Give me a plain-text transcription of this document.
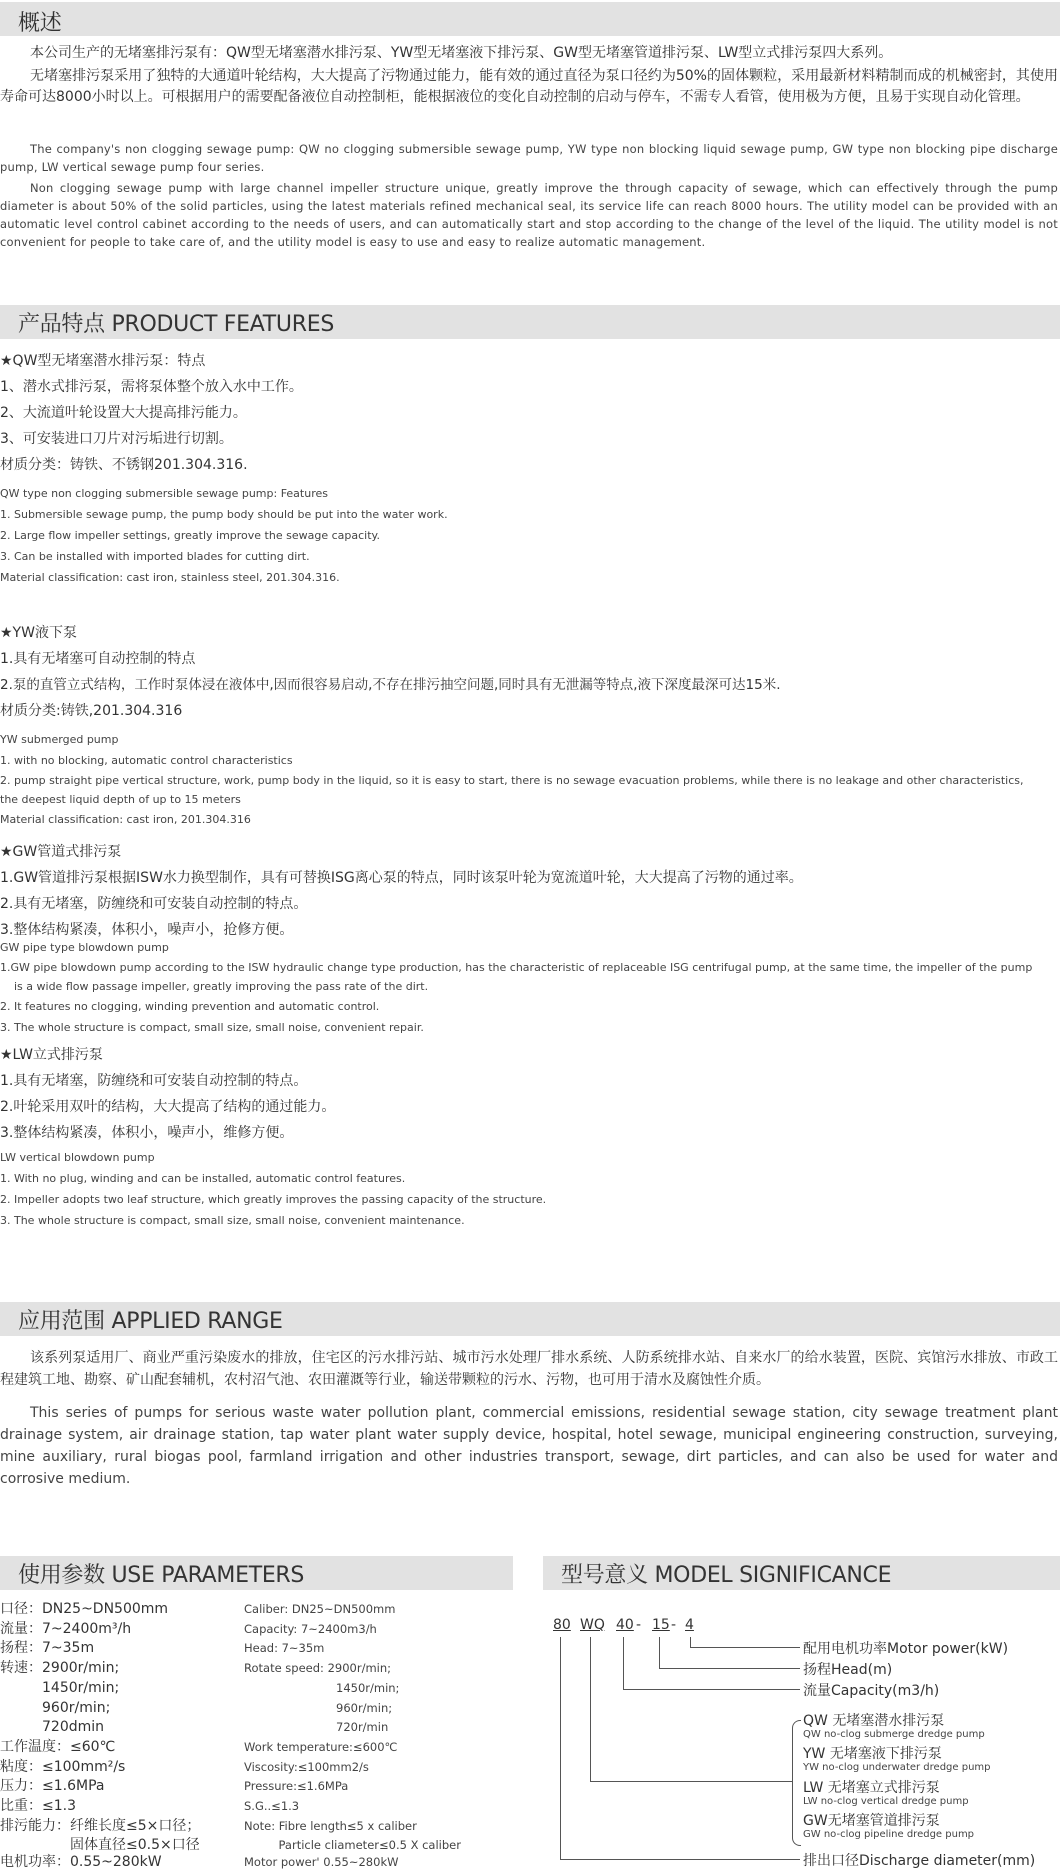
概述
本公司生产的无堵塞排污泵有：QW型无堵塞潜水排污泵、YW型无堵塞液下排污泵、GW型无堵塞管道排污泵、LW型立式排污泵四大系列。
无堵塞排污泵采用了独特的大通道叶轮结构，大大提高了污物通过能力，能有效的通过直径为泵口径约为50%的固体颗粒，采用最新材料精制而成的机械密封，其使用寿命可达8000小时以上。可根据用户的需要配备液位自动控制柜，能根据液位的变化自动控制的启动与停车，不需专人看管，使用极为方便，且易于实现自动化管理。
The company's non clogging sewage pump: QW no clogging submersible sewage pump, YW type non blocking liquid sewage pump, GW type non blocking pipe discharge pump, LW vertical sewage pump four series.
Non clogging sewage pump with large channel impeller structure unique, greatly improve the through capacity of sewage, which can effectively through the pump diameter is about 50% of the solid particles, using the latest materials refined mechanical seal, its service life can reach 8000 hours. The utility model can be provided with an automatic level control cabinet according to the needs of users, and can automatically start and stop according to the change of the level of the liquid. The utility model is not convenient for people to take care of, and the utility model is easy to use and easy to realize automatic management.
产品特点 PRODUCT FEATURES
★QW型无堵塞潜水排污泵：特点
1、潜水式排污泵，需将泵体整个放入水中工作。
2、大流道叶轮设置大大提高排污能力。
3、可安装进口刀片对污垢进行切割。
材质分类：铸铁、不锈钢201.304.316.
QW type non clogging submersible sewage pump: Features
1. Submersible sewage pump, the pump body should be put into the water work.
2. Large flow impeller settings, greatly improve the sewage capacity.
3. Can be installed with imported blades for cutting dirt.
Material classification: cast iron, stainless steel, 201.304.316.
★YW液下泵
1.具有无堵塞可自动控制的特点
2.泵的直管立式结构，工作时泵体浸在液体中,因而很容易启动,不存在排污抽空问题,同时具有无泄漏等特点,液下深度最深可达15米.
材质分类:铸铁,201.304.316
YW submerged pump
1. with no blocking, automatic control characteristics
2. pump straight pipe vertical structure, work, pump body in the liquid, so it is easy to start, there is no sewage evacuation problems, while there is no leakage and other characteristics, the deepest liquid depth of up to 15 meters
Material classification: cast iron, 201.304.316
★GW管道式排污泵
1.GW管道排污泵根据ISW水力换型制作，具有可替换ISG离心泵的特点，同时该泵叶轮为宽流道叶轮，大大提高了污物的通过率。
2.具有无堵塞，防缠绕和可安装自动控制的特点。
3.整体结构紧凑，体积小，噪声小，抢修方便。
GW pipe type blowdown pump
1.GW pipe blowdown pump according to the ISW hydraulic change type production, has the characteristic of replaceable ISG centrifugal pump, at the same time, the impeller of the pump is a wide flow passage impeller, greatly improving the pass rate of the dirt.
2. It features no clogging, winding prevention and automatic control.
3. The whole structure is compact, small size, small noise, convenient repair.
★LW立式排污泵
1.具有无堵塞，防缠绕和可安装自动控制的特点。
2.叶轮采用双叶的结构，大大提高了结构的通过能力。
3.整体结构紧凑，体积小，噪声小，维修方便。
LW vertical blowdown pump
1. With no plug, winding and can be installed, automatic control features.
2. Impeller adopts two leaf structure, which greatly improves the passing capacity of the structure.
3. The whole structure is compact, small size, small noise, convenient maintenance.
应用范围 APPLIED RANGE
该系列泵适用厂、商业严重污染废水的排放，住宅区的污水排污站、城市污水处理厂排水系统、人防系统排水站、自来水厂的给水装置，医院、宾馆污水排放、市政工程建筑工地、勘察、矿山配套辅机，农村沼气池、农田灌溉等行业，输送带颗粒的污水、污物，也可用于清水及腐蚀性介质。
This series of pumps for serious waste water pollution plant, commercial emissions, residential sewage station, city sewage treatment plant drainage system, air drainage station, tap water plant water supply device, hospital, hotel sewage, municipal engineering construction, surveying, mine auxiliary, rural biogas pool, farmland irrigation and other industries transport, sewage, dirt particles, and can also be used for water and corrosive medium.
使用参数 USE PARAMETERS
口径：DN25~DN500mm
流量：7~2400m³/h
扬程：7~35m
转速：2900r/min;
　　　1450r/min;
　　　960r/min;
　　　720dmin
工作温度：≤60℃
粘度：≤100mm²/s
压力：≤1.6MPa
比重：≤1.3
排污能力：纤维长度≤5×口径；
　　　　　固体直径≤0.5×口径
电机功率：0.55~280kW
Caliber: DN25~DN500mm
Capacity: 7~2400m3/h
Head: 7~35m
Rotate speed: 2900r/min;
　　　　　　　　1450r/min;
　　　　　　　　960r/min;
　　　　　　　　720r/min
Work temperature:≤600℃
Viscosity:≤100mm2/s
Pressure:≤1.6MPa
S.G..≤1.3
Note: Fibre length≤5 x caliber
　　　Particle cliameter≤0.5 X caliber
Motor power' 0.55~280kW
型号意义 MODEL SIGNIFICANCE
80 WQ 40 - 15 - 4
配用电机功率Motor power(kW)
扬程Head(m)
流量Capacity(m3/h)
QW 无堵塞潜水排污泵
QW no-clog submerge dredge pump
YW 无堵塞液下排污泵
YW no-clog underwater dredge pump
LW 无堵塞立式排污泵
LW no-clog vertical dredge pump
GW无堵塞管道排污泵
GW no-clog pipeline dredge pump
排出口径Discharge diameter(mm)
